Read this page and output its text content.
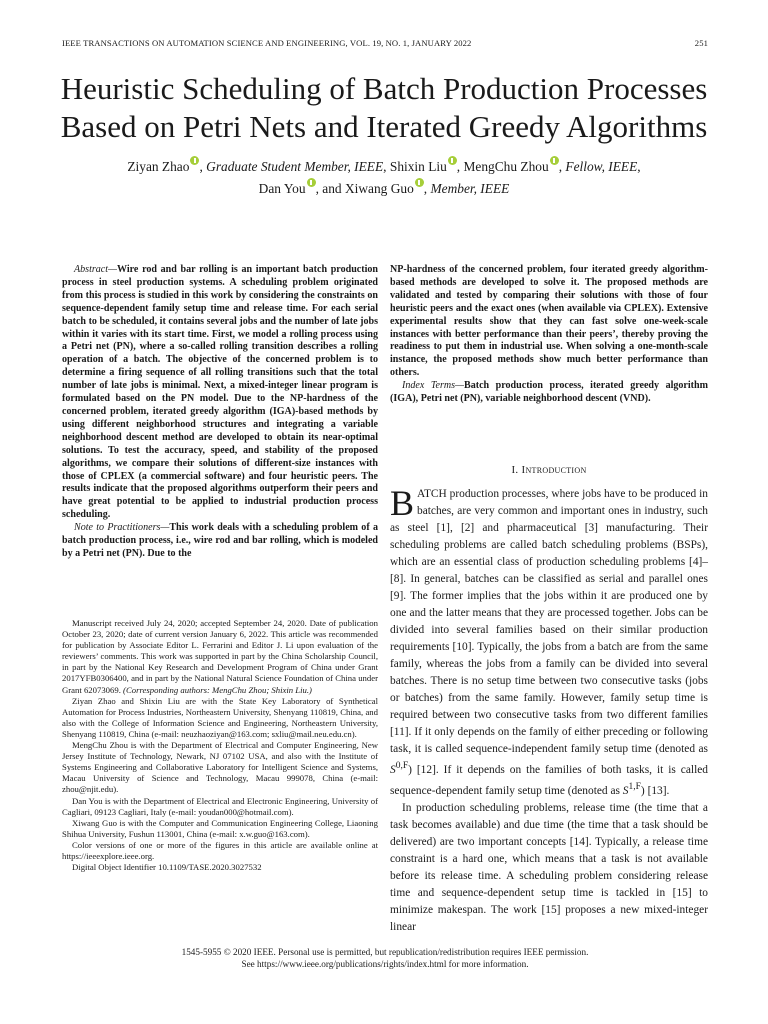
IEEE TRANSACTIONS ON AUTOMATION SCIENCE AND ENGINEERING, VOL. 19, NO. 1, JANUARY 2022	251
Heuristic Scheduling of Batch Production Processes
Based on Petri Nets and Iterated Greedy Algorithms
Ziyan Zhao , Graduate Student Member, IEEE, Shixin Liu , MengChu Zhou , Fellow, IEEE,
Dan You , and Xiwang Guo , Member, IEEE

Abstract—Wire rod and bar rolling is an important batch production process in steel production systems. A scheduling problem originated from this process is studied in this work by considering the constraints on sequence-dependent family setup time and release time. For each serial batch to be scheduled, it contains several jobs and the number of late jobs within it varies with its start time. First, we model a rolling process using a Petri net (PN), where a so-called rolling transition describes a rolling operation of a batch. The objective of the concerned problem is to determine a firing sequence of all rolling transitions such that the total number of late jobs is minimal. Next, a mixed-integer linear program is formulated based on the PN model. Due to the NP-hardness of the concerned problem, iterated greedy algorithm (IGA)-based methods by using different neighborhood structures and integrating a variable neighborhood descent method are developed to obtain its near-optimal solutions. To test the accuracy, speed, and stability of the proposed algorithms, we compare their solutions of different-size instances with those of CPLEX (a commercial software) and four heuristic peers. The results indicate that the proposed algorithms outperform their peers and have great potential to be applied to industrial production process scheduling.

Note to Practitioners—This work deals with a scheduling problem of a batch production process, i.e., wire rod and bar rolling, which is modeled by a Petri net (PN). Due to the

Manuscript received July 24, 2020; accepted September 24, 2020. Date of publication October 23, 2020; date of current version January 6, 2022. This article was recommended for publication by Associate Editor L. Ferrarini and Editor J. Li upon evaluation of the reviewers’ comments. This work was supported in part by the China Scholarship Council, in part by the National Key Research and Development Program of China under Grant 2017YFB0306400, and in part by the National Natural Science Foundation of China under Grant 62073069. (Corresponding authors: MengChu Zhou; Shixin Liu.)

Ziyan Zhao and Shixin Liu are with the State Key Laboratory of Synthetical Automation for Process Industries, Northeastern University, Shenyang 110819, China, and also with the College of Information Science and Engineering, Northeastern University, Shenyang 110819, China (e-mail: neuzhaoziyan@163.com; sxliu@mail.neu.edu.cn).

MengChu Zhou is with the Department of Electrical and Computer Engineering, New Jersey Institute of Technology, Newark, NJ 07102 USA, and also with the Institute of Systems Engineering and Collaborative Laboratory for Intelligent Science and Systems, Macau University of Science and Technology, Macau 999078, China (e-mail: zhou@njit.edu).

Dan You is with the Department of Electrical and Electronic Engineering, University of Cagliari, 09123 Cagliari, Italy (e-mail: youdan000@hotmail.com).

Xiwang Guo is with the Computer and Communication Engineering College, Liaoning Shihua University, Fushun 113001, China (e-mail: x.w.guo@163.com).

Color versions of one or more of the figures in this article are available online at https://ieeexplore.ieee.org.

Digital Object Identifier 10.1109/TASE.2020.3027532

NP-hardness of the concerned problem, four iterated greedy algorithm-based methods are developed to solve it. The proposed methods are validated and tested by comparing their solutions with those of four heuristic peers and the exact ones (when available via CPLEX). Extensive experimental results show that they can fast solve one-week-scale instances with better performance than their peers’, thereby proving the readiness to put them in industrial use. When solving a one-month-scale instance, the proposed methods show much better performance than others.

Index Terms—Batch production process, iterated greedy algorithm (IGA), Petri net (PN), variable neighborhood descent (VND).

I. Introduction

BATCH production processes, where jobs have to be produced in batches, are very common and important ones in industry, such as steel [1], [2] and pharmaceutical [3] manufacturing. Their scheduling problems are called batch scheduling problems (BSPs), which are an essential class of production scheduling problems [4]–[8]. In general, batches can be classified as serial and parallel ones [9]. The former implies that the jobs within it are produced one by one and the latter means that they are processed together. Jobs can be divided into several families based on their similar production requirements [10]. Typically, the jobs from a batch are from the same family, whereas the jobs from a family can be divided into several batches. There is no setup time between two consecutive tasks (jobs or batches) from the same family. However, family setup time is required between two consecutive tasks from two different families [11]. If it only depends on the family of either preceding or following task, it is called sequence-independent family setup time (denoted as $S^{0,F}$) [12]. If it depends on the families of both tasks, it is called sequence-dependent family setup time (denoted as $S^{1,F}$) [13].

In production scheduling problems, release time (the time that a task becomes available) and due time (the time that a task should be delivered) are two important concepts [14]. Typically, a release time constraint is a hard one, which means that a task is not available before its release time. A scheduling problem considering release time and sequence-dependent setup time is tackled in [15] to minimize makespan. The work [15] proposes a new mixed-integer linear

1545-5955 © 2020 IEEE. Personal use is permitted, but republication/redistribution requires IEEE permission.
See https://www.ieee.org/publications/rights/index.html for more information.
